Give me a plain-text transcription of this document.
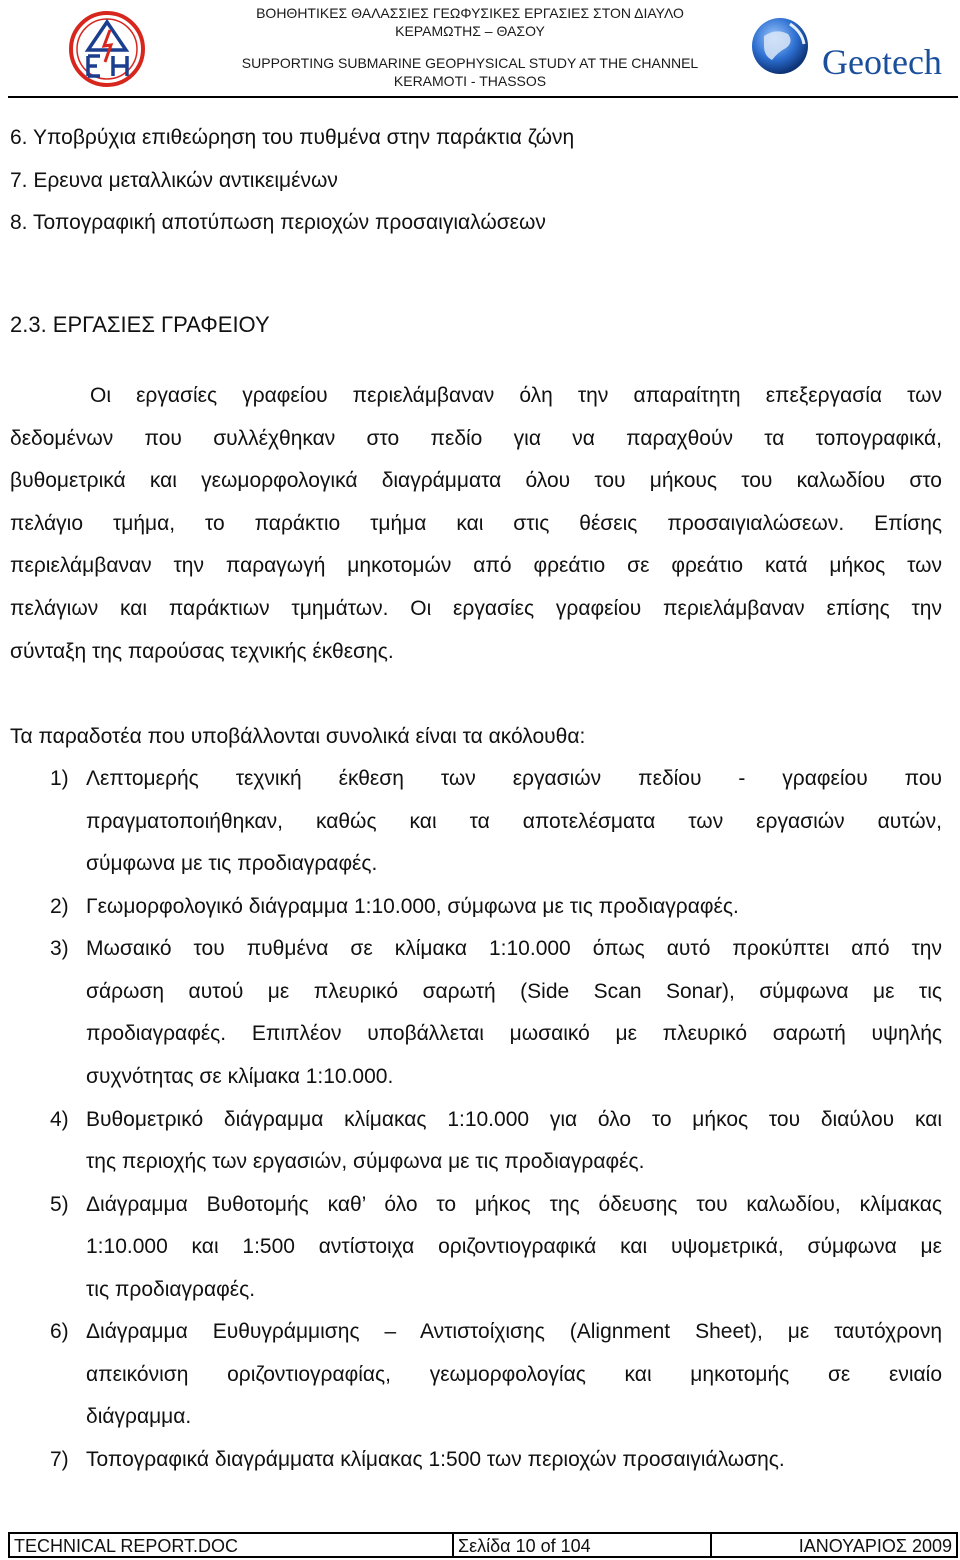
ΒΟΗΘΗΤΙΚΕΣ ΘΑΛΑΣΣΙΕΣ ΓΕΩΦΥΣΙΚΕΣ ΕΡΓΑΣΙΕΣ ΣΤΟΝ ΔΙΑΥΛΟ
ΚΕΡΑΜΩΤΗΣ – ΘΑΣΟΥ
SUPPORTING SUBMARINE GEOPHYSICAL STUDY AT THE CHANNEL
KERAMOTI - THASSOS	Geotech
6. Υποβρύχια επιθεώρηση του πυθμένα στην παράκτια ζώνη
7. Ερευνα μεταλλικών αντικειμένων
8. Τοπογραφική αποτύπωση περιοχών προσαιγιαλώσεων
2.3. ΕΡΓΑΣΙΕΣ ΓΡΑΦΕΙΟΥ
Οι εργασίες γραφείου περιελάμβαναν όλη την απαραίτητη επεξεργασία των
δεδομένων που συλλέχθηκαν στο πεδίο για να παραχθούν τα τοπογραφικά,
βυθομετρικά και γεωμορφολογικά διαγράμματα όλου του μήκους του καλωδίου στο
πελάγιο τμήμα, το παράκτιο τμήμα και στις θέσεις προσαιγιαλώσεων. Επίσης
περιελάμβαναν την παραγωγή μηκοτομών από φρεάτιο σε φρεάτιο κατά μήκος των
πελάγιων και παράκτιων τμημάτων. Οι εργασίες γραφείου περιελάμβαναν επίσης την
σύνταξη της παρούσας τεχνικής έκθεσης.
Τα παραδοτέα που υποβάλλονται συνολικά είναι τα ακόλουθα:
1) Λεπτομερής τεχνική έκθεση των εργασιών πεδίου - γραφείου που
πραγματοποιήθηκαν, καθώς και τα αποτελέσματα των εργασιών αυτών,
σύμφωνα με τις προδιαγραφές.
2) Γεωμορφολογικό διάγραμμα 1:10.000, σύμφωνα με τις προδιαγραφές.
3) Μωσαικό του πυθμένα σε κλίμακα 1:10.000 όπως αυτό προκύπτει από την
σάρωση αυτού με πλευρικό σαρωτή (Side Scan Sonar), σύμφωνα με τις
προδιαγραφές. Επιπλέον υποβάλλεται μωσαικό με πλευρικό σαρωτή υψηλής
συχνότητας σε κλίμακα 1:10.000.
4) Βυθομετρικό διάγραμμα κλίμακας 1:10.000 για όλο το μήκος του διαύλου και
της περιοχής των εργασιών, σύμφωνα με τις προδιαγραφές.
5) Διάγραμμα Βυθοτομής καθ’ όλο το μήκος της όδευσης του καλωδίου, κλίμακας
1:10.000 και 1:500 αντίστοιχα οριζοντιογραφικά και υψομετρικά, σύμφωνα με
τις προδιαγραφές.
6) Διάγραμμα Ευθυγράμμισης – Αντιστοίχισης (Alignment Sheet), με ταυτόχρονη
απεικόνιση οριζοντιογραφίας, γεωμορφολογίας και μηκοτομής σε ενιαίο
διάγραμμα.
7) Τοπογραφικά διαγράμματα κλίμακας 1:500 των περιοχών προσαιγιάλωσης.
TECHNICAL REPORT.DOC	Σελίδα 10 of 104	ΙΑΝΟΥΑΡΙΟΣ 2009
